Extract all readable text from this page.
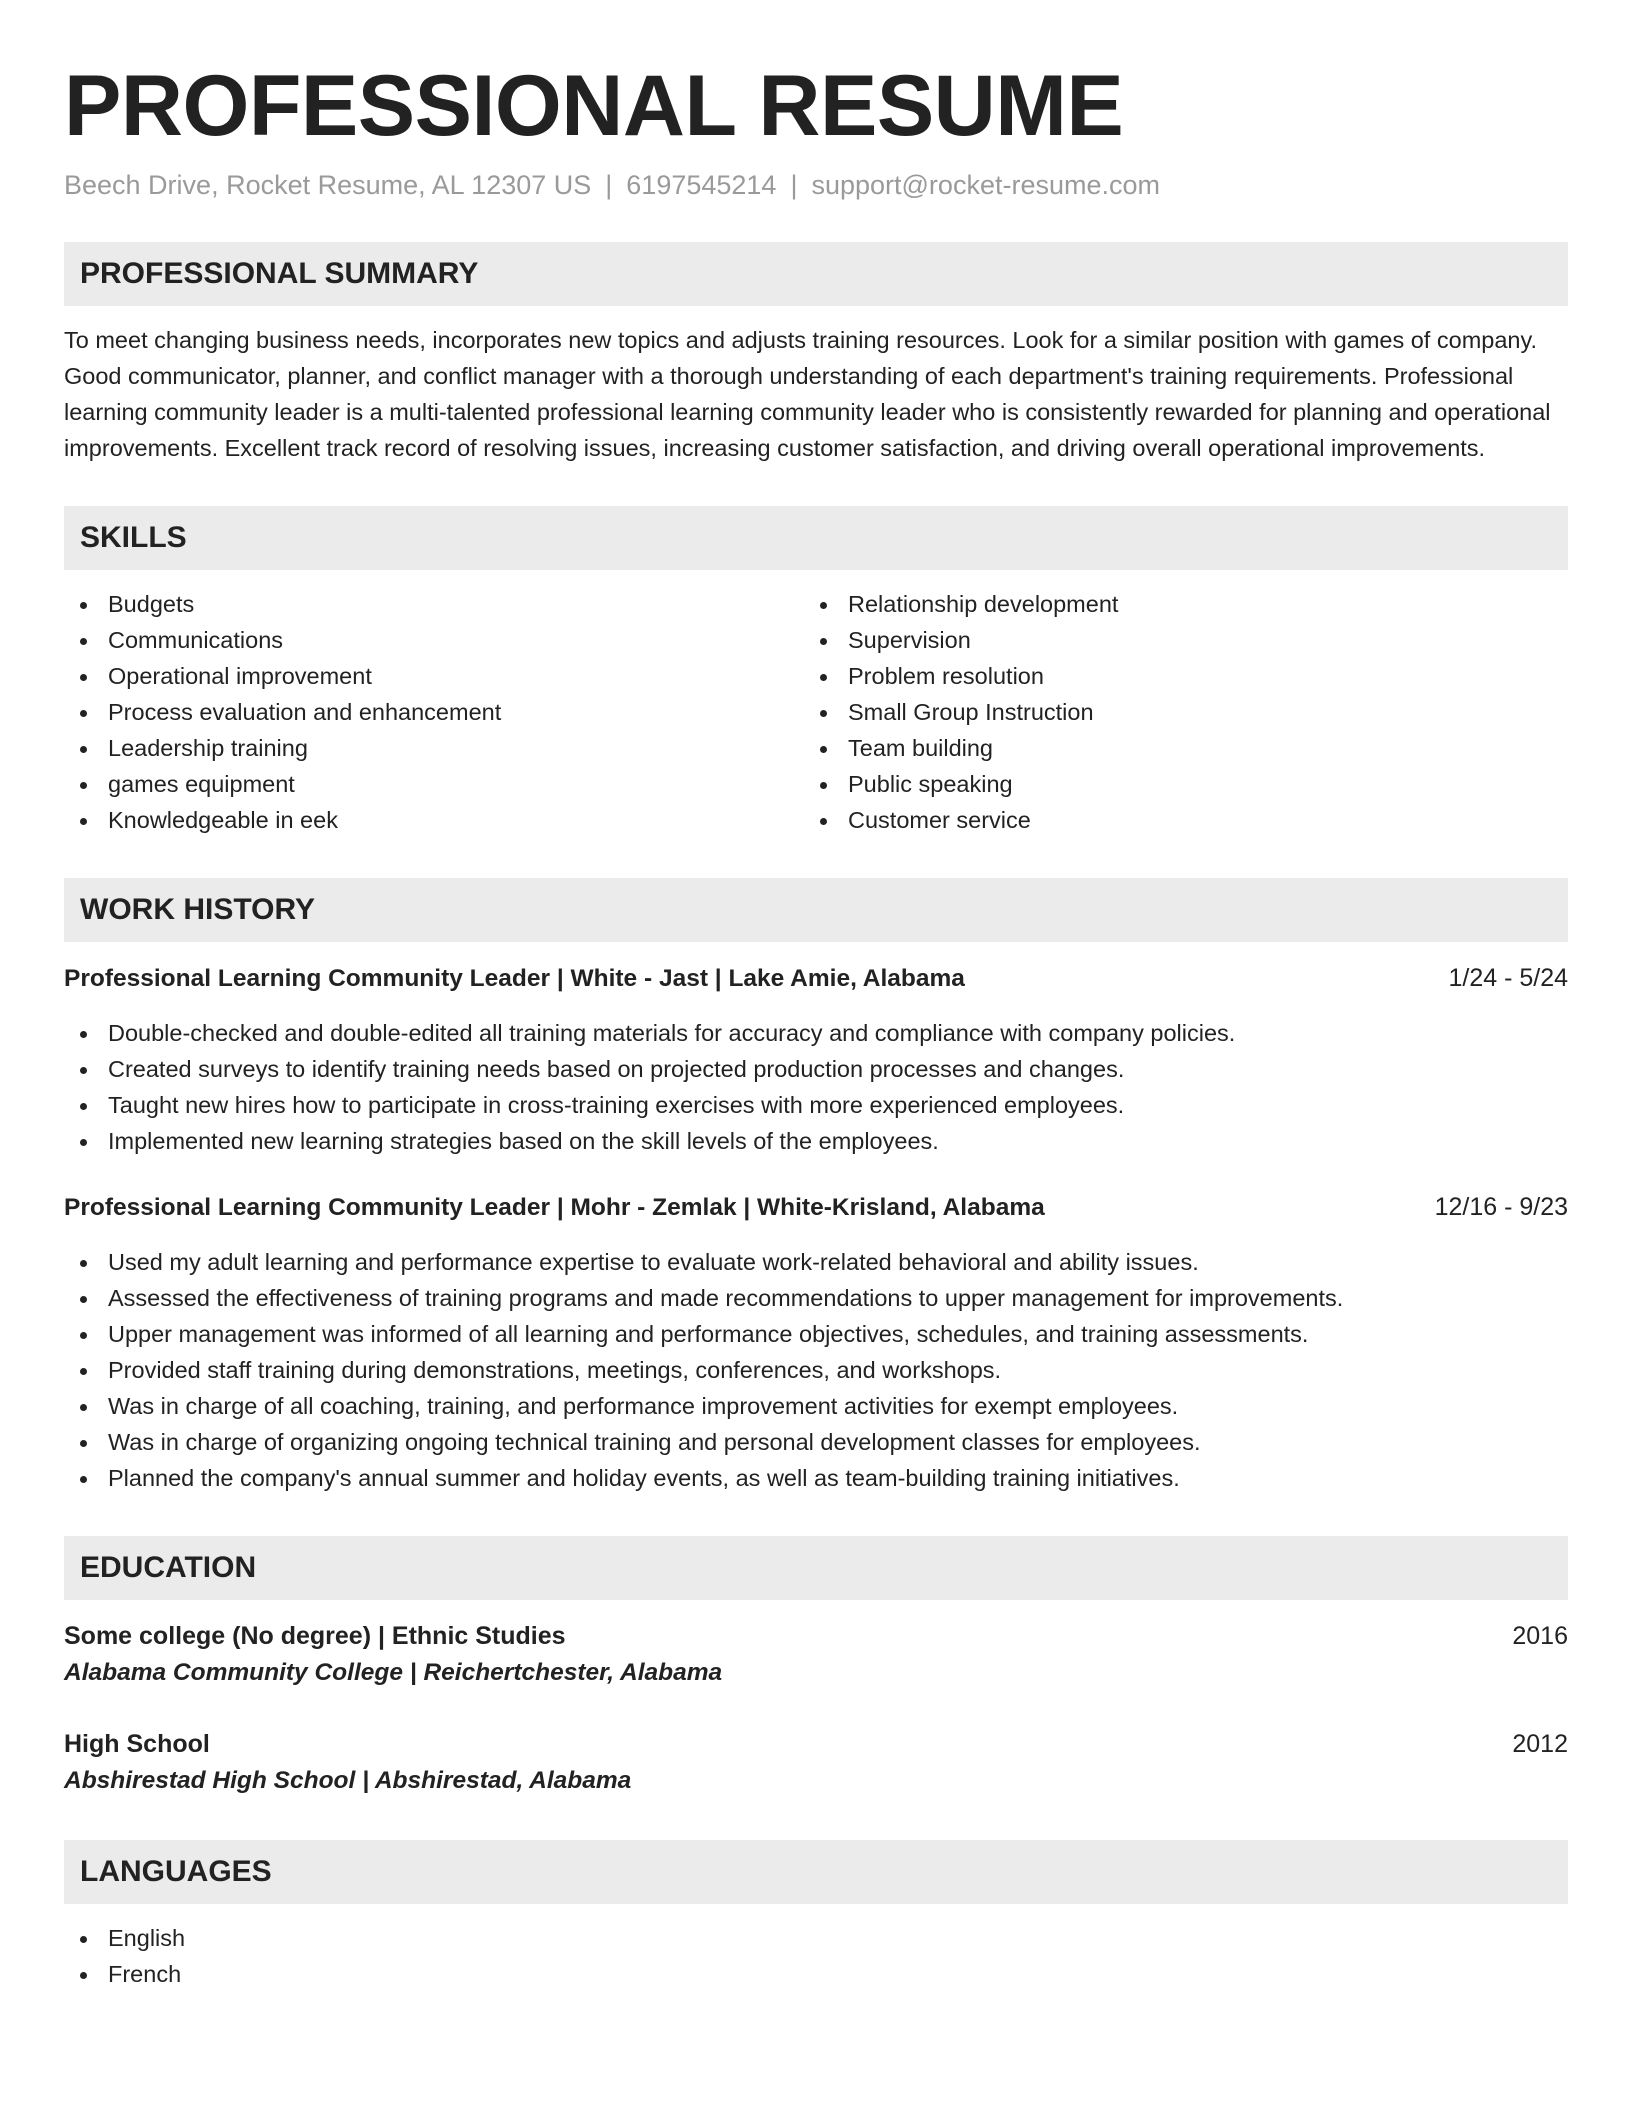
PROFESSIONAL RESUME
Beech Drive, Rocket Resume, AL 12307 US | 6197545214 | support@rocket-resume.com
PROFESSIONAL SUMMARY
To meet changing business needs, incorporates new topics and adjusts training resources. Look for a similar position with games of company. Good communicator, planner, and conflict manager with a thorough understanding of each department's training requirements. Professional learning community leader is a multi-talented professional learning community leader who is consistently rewarded for planning and operational improvements. Excellent track record of resolving issues, increasing customer satisfaction, and driving overall operational improvements.
SKILLS
Budgets
Communications
Operational improvement
Process evaluation and enhancement
Leadership training
games equipment
Knowledgeable in eek
Relationship development
Supervision
Problem resolution
Small Group Instruction
Team building
Public speaking
Customer service
WORK HISTORY
Professional Learning Community Leader | White - Jast | Lake Amie, Alabama	1/24 - 5/24
Double-checked and double-edited all training materials for accuracy and compliance with company policies.
Created surveys to identify training needs based on projected production processes and changes.
Taught new hires how to participate in cross-training exercises with more experienced employees.
Implemented new learning strategies based on the skill levels of the employees.
Professional Learning Community Leader | Mohr - Zemlak | White-Krisland, Alabama	12/16 - 9/23
Used my adult learning and performance expertise to evaluate work-related behavioral and ability issues.
Assessed the effectiveness of training programs and made recommendations to upper management for improvements.
Upper management was informed of all learning and performance objectives, schedules, and training assessments.
Provided staff training during demonstrations, meetings, conferences, and workshops.
Was in charge of all coaching, training, and performance improvement activities for exempt employees.
Was in charge of organizing ongoing technical training and personal development classes for employees.
Planned the company's annual summer and holiday events, as well as team-building training initiatives.
EDUCATION
Some college (No degree) | Ethnic Studies	2016
Alabama Community College | Reichertchester, Alabama
High School	2012
Abshirestad High School | Abshirestad, Alabama
LANGUAGES
English
French
